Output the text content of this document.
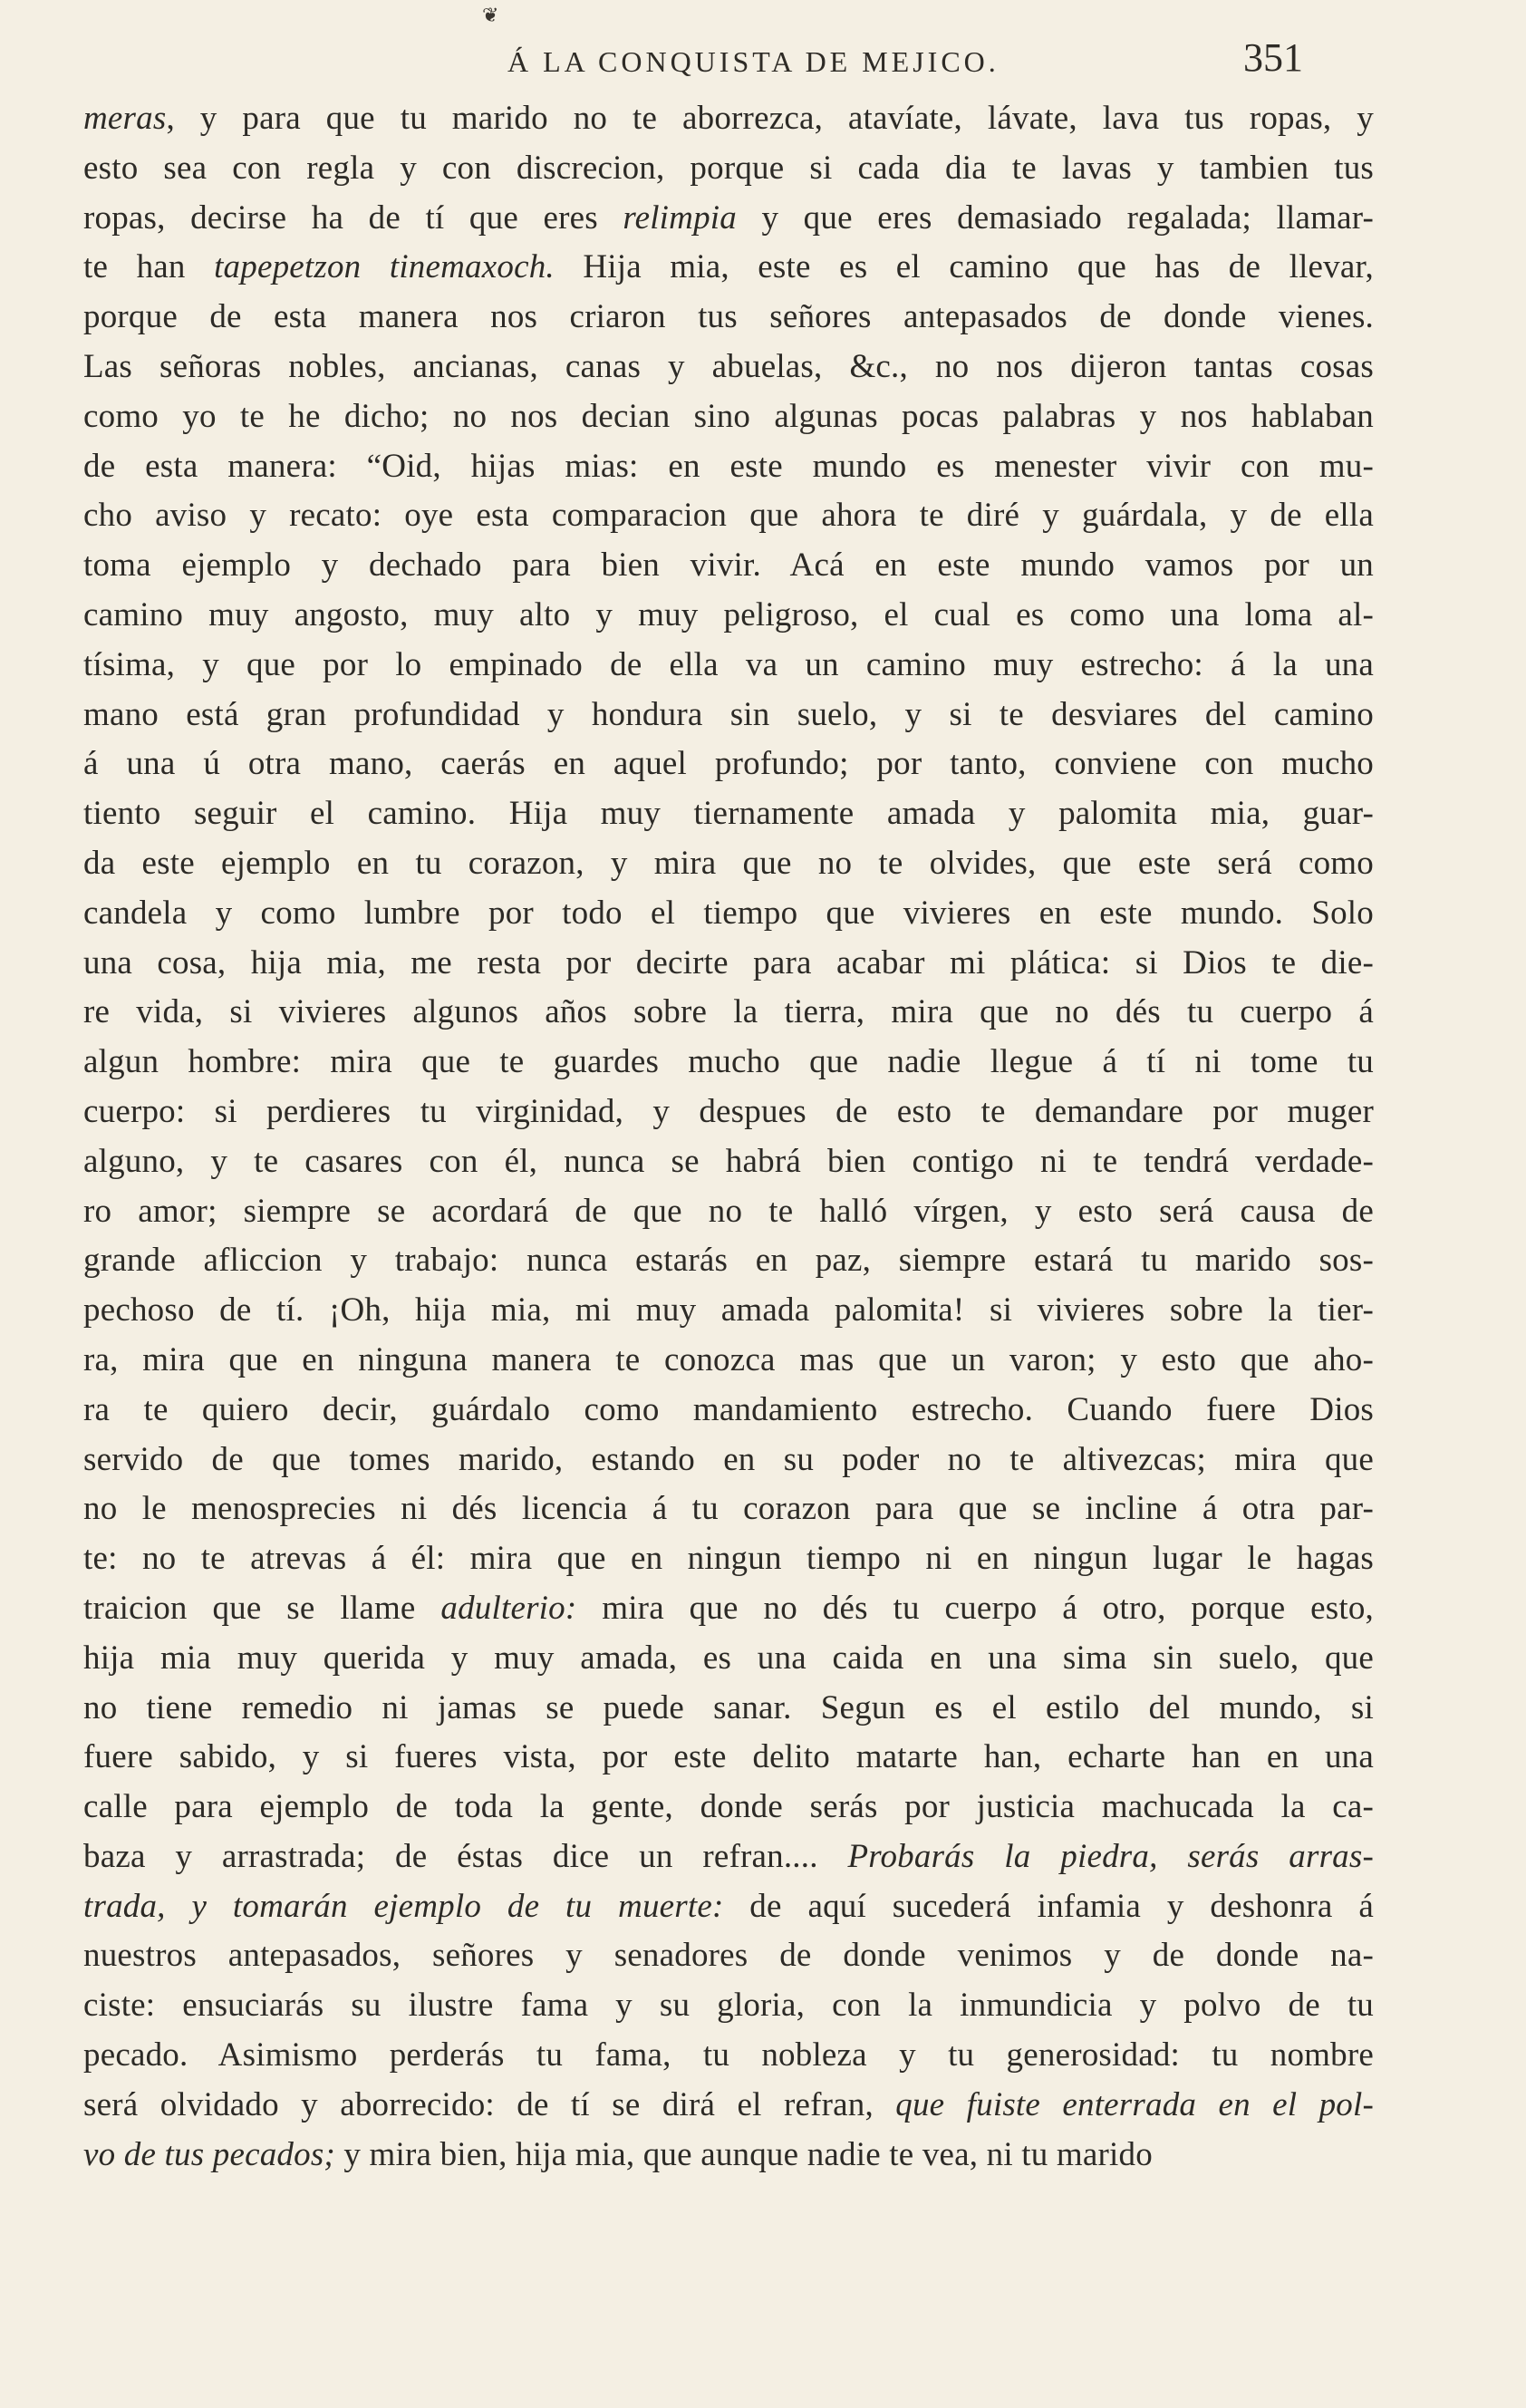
❦
Á LA CONQUISTA DE MEJICO.	351
meras, y para que tu marido no te aborrezca, atavíate, lávate, lava tus ropas, y
esto sea con regla y con discrecion, porque si cada dia te lavas y tambien tus
ropas, decirse ha de tí que eres relimpia y que eres demasiado regalada; llamar-
te han tapepetzon tinemaxoch. Hija mia, este es el camino que has de llevar,
porque de esta manera nos criaron tus señores antepasados de donde vienes.
Las señoras nobles, ancianas, canas y abuelas, &c., no nos dijeron tantas cosas
como yo te he dicho; no nos decian sino algunas pocas palabras y nos hablaban
de esta manera: “Oid, hijas mias: en este mundo es menester vivir con mu-
cho aviso y recato: oye esta comparacion que ahora te diré y guárdala, y de ella
toma ejemplo y dechado para bien vivir. Acá en este mundo vamos por un
camino muy angosto, muy alto y muy peligroso, el cual es como una loma al-
tísima, y que por lo empinado de ella va un camino muy estrecho: á la una
mano está gran profundidad y hondura sin suelo, y si te desviares del camino
á una ú otra mano, caerás en aquel profundo; por tanto, conviene con mucho
tiento seguir el camino. Hija muy tiernamente amada y palomita mia, guar-
da este ejemplo en tu corazon, y mira que no te olvides, que este será como
candela y como lumbre por todo el tiempo que vivieres en este mundo. Solo
una cosa, hija mia, me resta por decirte para acabar mi plática: si Dios te die-
re vida, si vivieres algunos años sobre la tierra, mira que no dés tu cuerpo á
algun hombre: mira que te guardes mucho que nadie llegue á tí ni tome tu
cuerpo: si perdieres tu virginidad, y despues de esto te demandare por muger
alguno, y te casares con él, nunca se habrá bien contigo ni te tendrá verdade-
ro amor; siempre se acordará de que no te halló vírgen, y esto será causa de
grande afliccion y trabajo: nunca estarás en paz, siempre estará tu marido sos-
pechoso de tí. ¡Oh, hija mia, mi muy amada palomita! si vivieres sobre la tier-
ra, mira que en ninguna manera te conozca mas que un varon; y esto que aho-
ra te quiero decir, guárdalo como mandamiento estrecho. Cuando fuere Dios
servido de que tomes marido, estando en su poder no te altivezcas; mira que
no le menosprecies ni dés licencia á tu corazon para que se incline á otra par-
te: no te atrevas á él: mira que en ningun tiempo ni en ningun lugar le hagas
traicion que se llame adulterio: mira que no dés tu cuerpo á otro, porque esto,
hija mia muy querida y muy amada, es una caida en una sima sin suelo, que
no tiene remedio ni jamas se puede sanar. Segun es el estilo del mundo, si
fuere sabido, y si fueres vista, por este delito matarte han, echarte han en una
calle para ejemplo de toda la gente, donde serás por justicia machucada la ca-
baza y arrastrada; de éstas dice un refran.... Probarás la piedra, serás arras-
trada, y tomarán ejemplo de tu muerte: de aquí sucederá infamia y deshonra á
nuestros antepasados, señores y senadores de donde venimos y de donde na-
ciste: ensuciarás su ilustre fama y su gloria, con la inmundicia y polvo de tu
pecado. Asimismo perderás tu fama, tu nobleza y tu generosidad: tu nombre
será olvidado y aborrecido: de tí se dirá el refran, que fuiste enterrada en el pol-
vo de tus pecados; y mira bien, hija mia, que aunque nadie te vea, ni tu marido
